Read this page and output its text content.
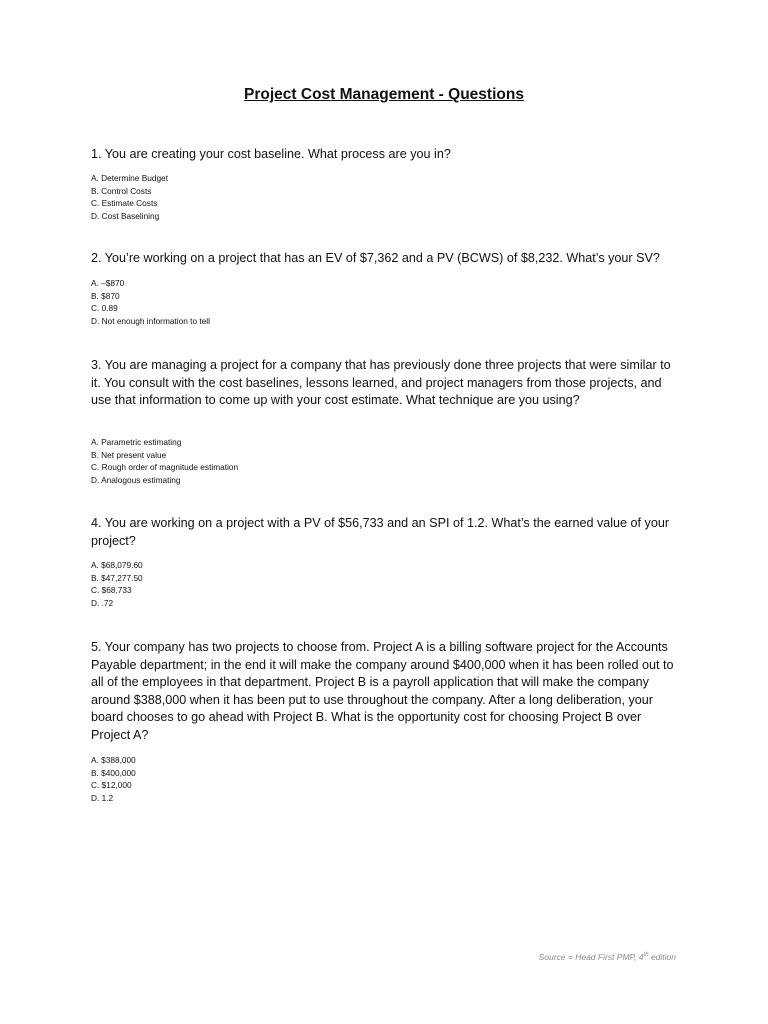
Project Cost Management - Questions
1. You are creating your cost baseline. What process are you in?
A. Determine Budget
B. Control Costs
C. Estimate Costs
D. Cost Baselining
2. You’re working on a project that has an EV of $7,362 and a PV (BCWS) of $8,232. What’s your SV?
A. –$870
B. $870
C. 0.89
D. Not enough information to tell
3. You are managing a project for a company that has previously done three projects that were similar to it. You consult with the cost baselines, lessons learned, and project managers from those projects, and use that information to come up with your cost estimate. What technique are you using?
A. Parametric estimating
B. Net present value
C. Rough order of magnitude estimation
D. Analogous estimating
4. You are working on a project with a PV of $56,733 and an SPI of 1.2. What’s the earned value of your project?
A. $68,079.60
B. $47,277.50
C. $68,733
D. .72
5. Your company has two projects to choose from. Project A is a billing software project for the Accounts Payable department; in the end it will make the company around $400,000 when it has been rolled out to all of the employees in that department. Project B is a payroll application that will make the company around $388,000 when it has been put to use throughout the company. After a long deliberation, your board chooses to go ahead with Project B. What is the opportunity cost for choosing Project B over Project A?
A. $388,000
B. $400,000
C. $12,000
D. 1.2
Source = Head First PMP, 4th edition
